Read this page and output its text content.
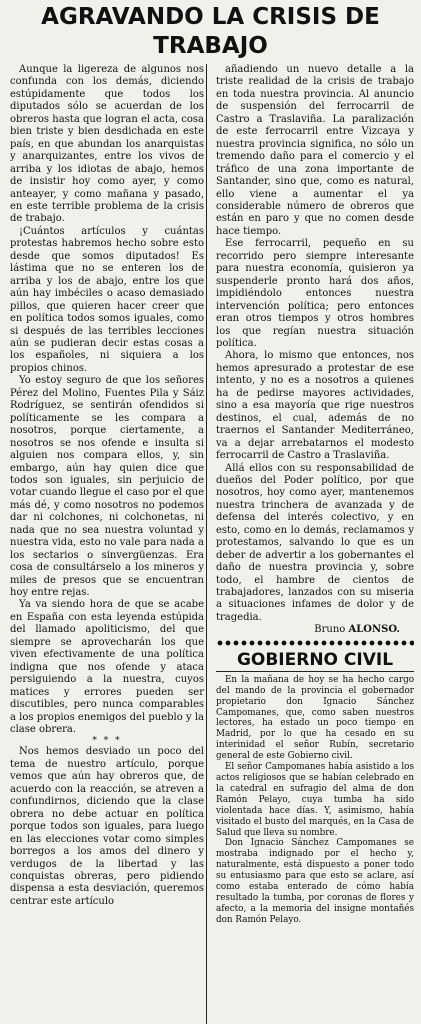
AGRAVANDO LA CRISIS DE
TRABAJO

Aunque la ligereza de algunos nos confunda con los demás, diciendo estúpidamente que todos los diputados sólo se acuerdan de los obreros hasta que logran el acta, cosa bien triste y bien desdichada en este país, en que abundan los anarquistas y anarquizantes, entre los vivos de arriba y los idiotas de abajo, hemos de insistir hoy como ayer, y como anteayer, y como mañana y pasado, en este terrible problema de la crisis de trabajo.

¡Cuántos artículos y cuántas protestas habremos hecho sobre esto desde que somos diputados! Es lástima que no se enteren los de arriba y los de abajo, entre los que aún hay imbéciles o acaso demasiado pillos, que quieren hacer creer que en política todos somos iguales, como si después de las terribles lecciones aún se pudieran decir estas cosas a los españoles, ni siquiera a los propios chinos.

Yo estoy seguro de que los señores Pérez del Molino, Fuentes Pila y Sáiz Rodríguez, se sentirán ofendidos si políticamente se les compara a nosotros, porque ciertamente, a nosotros se nos ofende e insulta si alguien nos compara ellos, y, sin embargo, aún hay quien dice que todos son iguales, sin perjuicio de votar cuando llegue el caso por el que más dé, y como nosotros no podemos dar ni colchones, ni colchonetas, ni nada que no sea nuestra voluntad y nuestra vida, esto no vale para nada a los sectarios o sinvergüenzas. Era cosa de consultárselo a los mineros y miles de presos que se encuentran hoy entre rejas.

Ya va siendo hora de que se acabe en España con esta leyenda estúpida del llamado apoliticismo, del que siempre se aprovecharán los que viven efectivamente de una política indigna que nos ofende y ataca persiguiendo a la nuestra, cuyos matices y errores pueden ser discutibles, pero nunca comparables a los propios enemigos del pueblo y la clase obrera.

* * *

Nos hemos desviado un poco del tema de nuestro artículo, porque vemos que aún hay obreros que, de acuerdo con la reacción, se atreven a confundirnos, diciendo que la clase obrera no debe actuar en política porque todos son iguales, para luego en las elecciones votar como simples borregos a los amos del dinero y verdugos de la libertad y las conquistas obreras, pero pidiendo dispensa a esta desviación, queremos centrar este artículo

añadiendo un nuevo detalle a la triste realidad de la crisis de trabajo en toda nuestra provincia. Al anuncio de suspensión del ferrocarril de Castro a Traslaviña. La paralización de este ferrocarril entre Vizcaya y nuestra provincia significa, no sólo un tremendo daño para el comercio y el tráfico de una zona importante de Santander, sino que, como es natural, ello viene a aumentar el ya considerable número de obreros que están en paro y que no comen desde hace tiempo.

Ese ferrocarril, pequeño en su recorrido pero siempre interesante para nuestra economía, quisieron ya suspenderle pronto hará dos años, impidiéndolo entonces nuestra intervención política; pero entonces eran otros tiempos y otros hombres los que regían nuestra situación política.

Ahora, lo mismo que entonces, nos hemos apresurado a protestar de ese intento, y no es a nosotros a quienes ha de pedirse mayores actividades, sino a esa mayoría que rige nuestros destinos, el cual, además de no traernos el Santander Mediterráneo, va a dejar arrebatarnos el modesto ferrocarril de Castro a Traslaviña.

Allá ellos con su responsabilidad de dueños del Poder político, por que nosotros, hoy como ayer, mantenemos nuestra trinchera de avanzada y de defensa del interés colectivo, y en esto, como en lo demás, reclamamos y protestamos, salvando lo que es un deber de advertir a los gobernantes el daño de nuestra provincia y, sobre todo, el hambre de cientos de trabajadores, lanzados con su miseria a situaciones infames de dolor y de tragedia.

Bruno ALONSO.

GOBIERNO CIVIL

En la mañana de hoy se ha hecho cargo del mando de la provincia el gobernador propietario don Ignacio Sánchez Campomanes, que, como saben nuestros lectores, ha estado un poco tiempo en Madrid, por lo que ha cesado en su interinidad el señor Rubín, secretario general de este Gobierno civil.

El señor Campomanes había asistido a los actos religiosos que se habían celebrado en la catedral en sufragio del alma de don Ramón Pelayo, cuya tumba ha sido violentada hace días. Y, asimismo, había visitado el busto del marqués, en la Casa de Salud que lleva su nombre.

Don Ignacio Sánchez Campomanes se mostraba indignado por el hecho y, naturalmente, está dispuesto a poner todo su entusiasmo para que esto se aclare, así como estaba enterado de cómo había resultado la tumba, por coronas de flores y afecto, a la memoria del insigne montañés don Ramón Pelayo.
